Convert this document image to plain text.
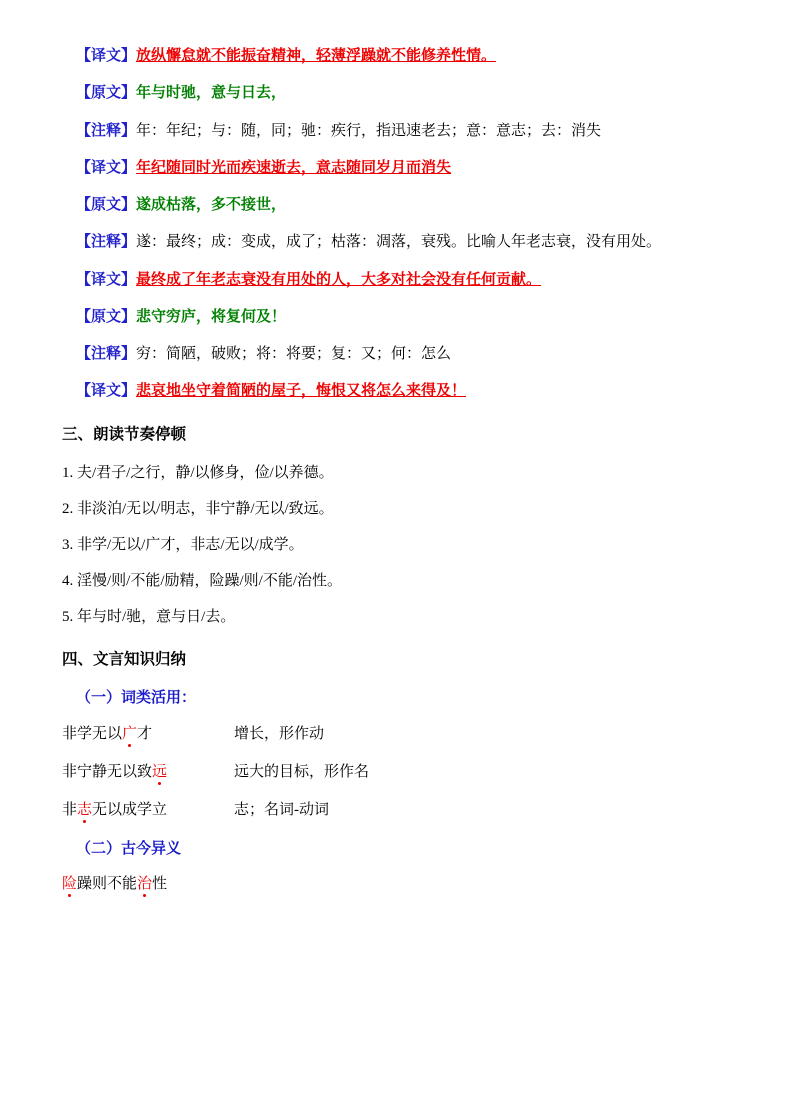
【译文】放纵懈怠就不能振奋精神，轻薄浮躁就不能修养性情。

【原文】年与时驰，意与日去，

【注释】年：年纪；与：随，同；驰：疾行，指迅速老去；意：意志；去：消失

【译文】年纪随同时光而疾速逝去，意志随同岁月而消失

【原文】遂成枯落，多不接世，

【注释】遂：最终；成：变成，成了；枯落：凋落，衰残。比喻人年老志衰，没有用处。

【译文】最终成了年老志衰没有用处的人，大多对社会没有任何贡献。

【原文】悲守穷庐，将复何及！

【注释】穷：简陋，破败；将：将要；复：又；何：怎么

【译文】悲哀地坐守着简陋的屋子，悔恨又将怎么来得及！

三、朗读节奏停顿

1. 夫/君子/之行，静/以修身，俭/以养德。

2. 非淡泊/无以/明志，非宁静/无以/致远。

3. 非学/无以/广才，非志/无以/成学。

4. 淫慢/则/不能/励精，险躁/则/不能/治性。

5. 年与时/驰，意与日/去。

四、文言知识归纳
（一）词类活用：
非学无以广才	增长，形作动
非宁静无以致远	远大的目标，形作名
非志无以成学立	志；名词-动词
（二）古今异义

险躁则不能治性
